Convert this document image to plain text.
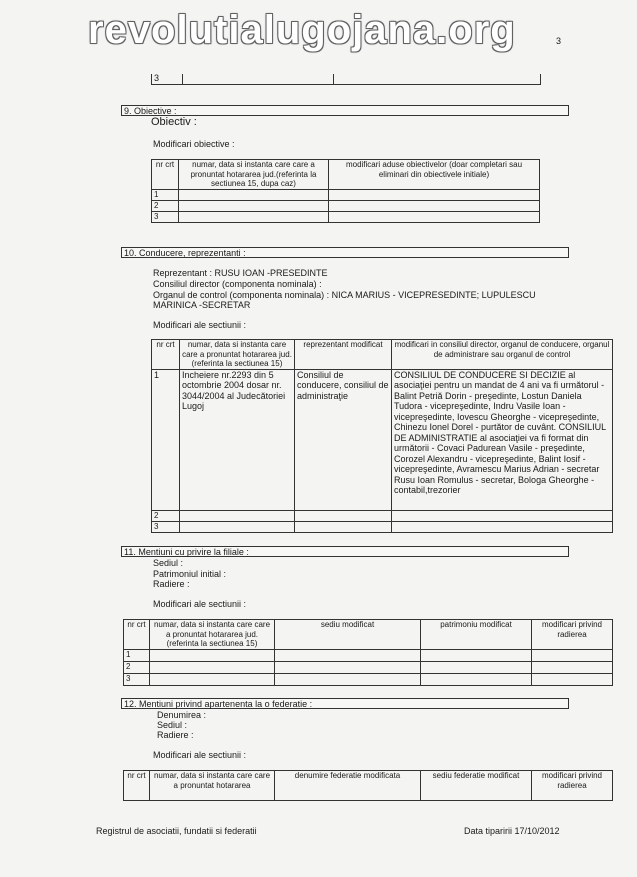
revolutialugojana.org	3
3
9. Obiective :
Obiectiv :
Modificari obiective :
nr crt	numar, data si instanta care care a pronuntat hotararea jud.(referinta la sectiunea 15, dupa caz)	modificari aduse obiectivelor (doar completari sau eliminari din obiectivele initiale)
1		
2		
3		
10. Conducere, reprezentanti :
Reprezentant : RUSU IOAN -PRESEDINTE
Consiliul director (componenta nominala) :
Organul de control (componenta nominala) : NICA MARIUS - VICEPRESEDINTE; LUPULESCU
MARINICA -SECRETAR
Modificari ale sectiunii :
nr crt	numar, data si instanta care care a pronuntat hotararea jud.(referinta la sectiunea 15)	reprezentant modificat	modificari in consiliul director, organul de conducere, organul de administrare sau organul de control
1	Incheiere nr.2293 din 5 octombrie 2004 dosar nr. 3044/2004 al Judecătoriei Lugoj	Consiliul de conducere, consiliul de administraţie	CONSILIUL DE CONDUCERE SI DECIZIE al asociaţiei pentru un mandat de 4 ani va fi următorul - Balint Petriă Dorin - preşedinte, Lostun Daniela Tudora - vicepreşedinte, Indru Vasile Ioan - vicepreşedinte, Iovescu Gheorghe - vicepreşedinte, Chinezu Ionel Dorel - purtător de cuvânt. CONSILIUL DE ADMINISTRATIE al asociaţiei va fi format din următorii - Covaci Padurean Vasile - preşedinte, Corozel Alexandru - vicepreşedinte, Balint Iosif - vicepreşedinte, Avramescu Marius Adrian - secretar Rusu Ioan Romulus - secretar, Bologa Gheorghe - contabil,trezorier
2			
3			
11. Mentiuni cu privire la filiale :
Sediul :
Patrimoniul initial :
Radiere :
Modificari ale sectiunii :
nr crt	numar, data si instanta care care a pronuntat hotararea jud.(referinta la sectiunea 15)	sediu modificat	patrimoniu modificat	modificari privind radierea
1				
2				
3				
12. Mentiuni privind apartenenta la o federatie :
Denumirea :
Sediul :
Radiere :
Modificari ale sectiunii :
nr crt	numar, data si instanta care care a pronuntat hotararea	denumire federatie modificata	sediu federatie modificat	modificari privind radierea
Registrul de asociatii, fundatii si federatii	Data tiparirii 17/10/2012
